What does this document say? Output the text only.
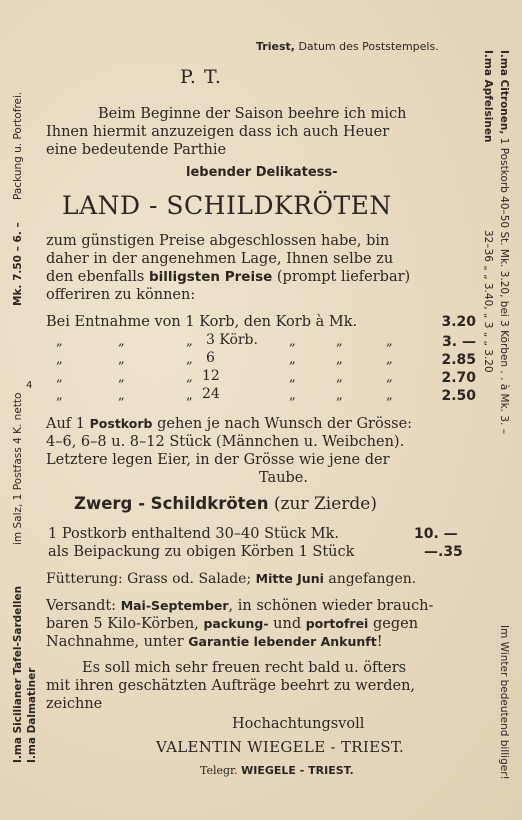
Triest, Datum des Poststempels.
Packung u. Portofrei.
Mk. 7.50 – 6. –
im Salz, 1 Postfass 4 K. netto
I.ma Sicilianer Tafel-Sardellen I.ma Dalmatiner
4
I.ma Citronen, 1 Postkorb 40–50 St. Mk. 3.20, bei 3 Körben . . à Mk. 3. –
Im Winter bedeutend billiger!
I.ma Apfelsinen
32–36 „ „ 3.40, „ 3 „ „ 3.20
P. T.
Beim Beginne der Saison beehre ich mich
Ihnen hiermit anzuzeigen dass ich auch Heuer
eine bedeutende Parthie
lebender Delikatess-
LAND - SCHILDKRÖTEN
zum günstigen Preise abgeschlossen habe, bin
daher in der angenehmen Lage, Ihnen selbe zu
den ebenfalls billigsten Preise (prompt lieferbar)
offeriren zu können:
Bei Entnahme von 1 Korb, den Korb à Mk.	3.20
„	„	„ 3 Körb. „	„	„	3. —
„	„	„ 6	„	„	„	2.85
„	„	„ 12	„	„	„	2.70
„	„	„ 24	„	„	„	2.50
Auf 1 Postkorb gehen je nach Wunsch der Grösse:
4–6, 6–8 u. 8–12 Stück (Männchen u. Weibchen).
Letztere legen Eier, in der Grösse wie jene der
Taube.
Zwerg - Schildkröten (zur Zierde)
1 Postkorb enthaltend 30–40 Stück Mk.	10. —
als Beipackung zu obigen Körben 1 Stück	—.35
Fütterung: Grass od. Salade; Mitte Juni angefangen.
Versandt: Mai-September, in schönen wieder brauch-
baren 5 Kilo-Körben, packung- und portofrei gegen
Nachnahme, unter Garantie lebender Ankunft!
Es soll mich sehr freuen recht bald u. öfters
mit ihren geschätzten Aufträge beehrt zu werden,
zeichne
Hochachtungsvoll
VALENTIN WIEGELE - TRIEST.
Telegr. WIEGELE - TRIEST.
